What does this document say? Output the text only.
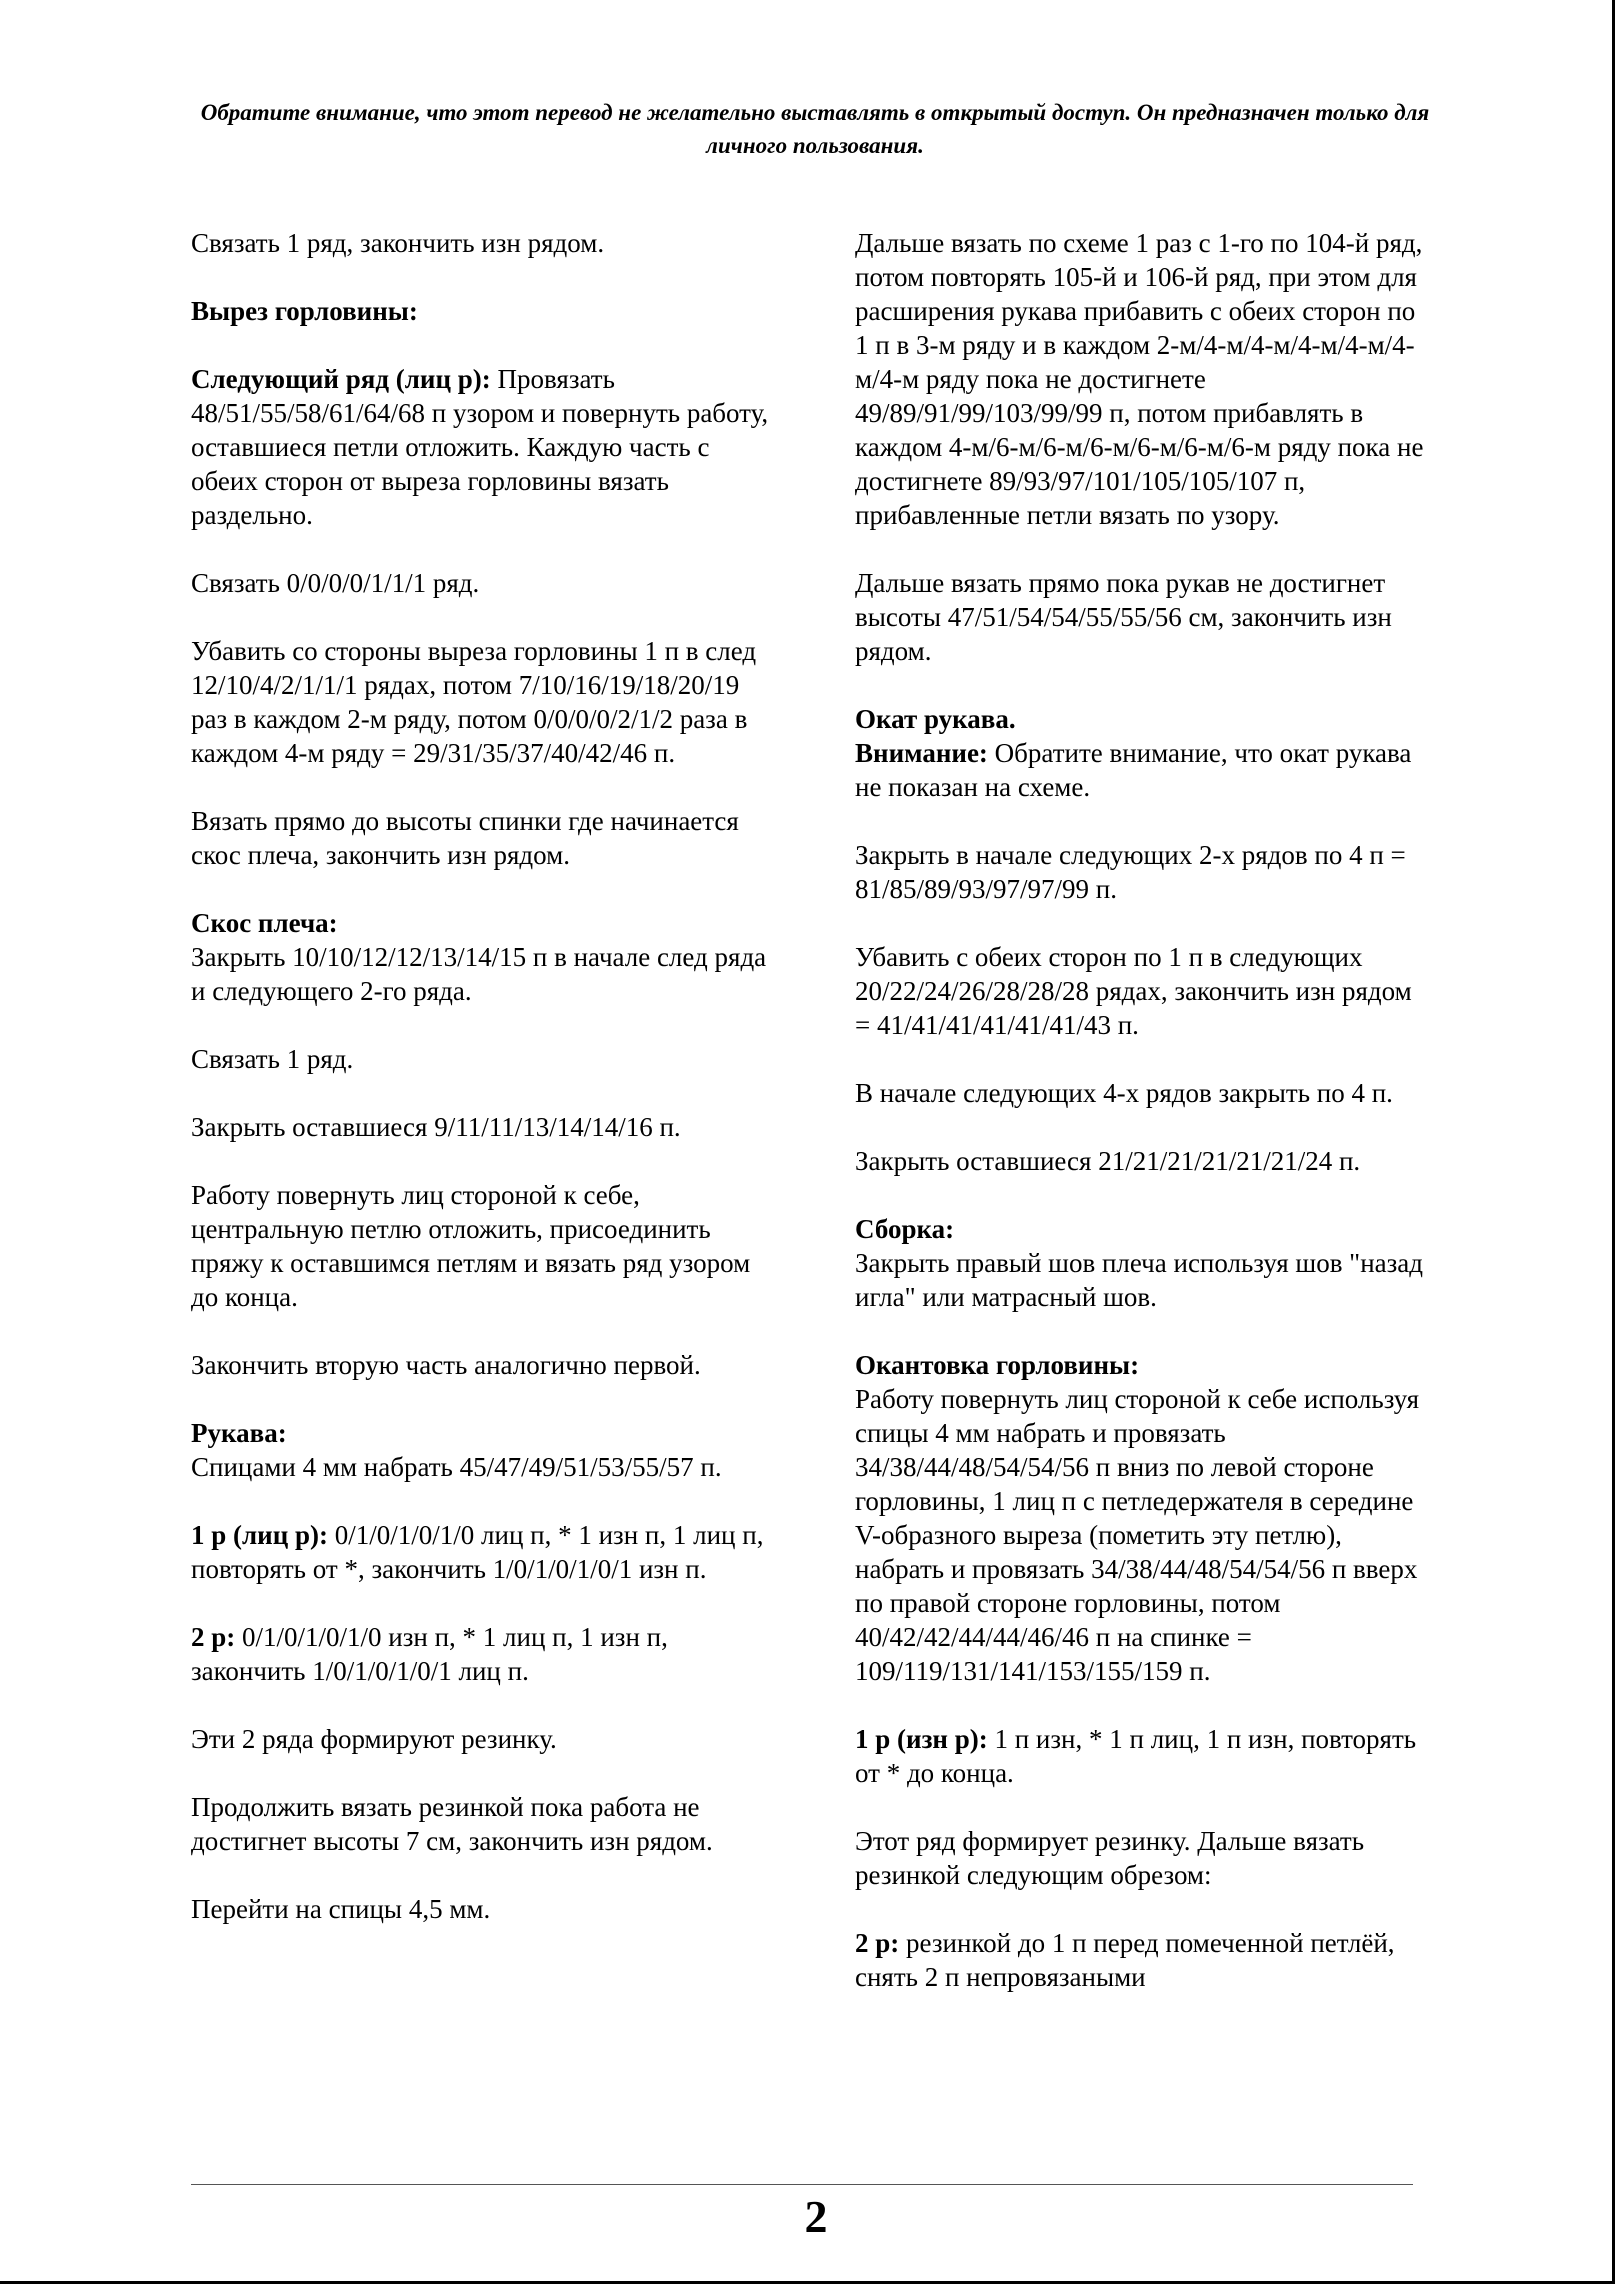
Обратите внимание, что этот перевод не желательно выставлять в открытый доступ. Он предназначен только для личного пользования.

Связать 1 ряд, закончить изн рядом.

Вырез горловины:

Следующий ряд (лиц р): Провязать 48/51/55/58/61/64/68 п узором и повернуть работу, оставшиеся петли отложить. Каждую часть с обеих сторон от выреза горловины вязать раздельно.

Связать 0/0/0/0/1/1/1 ряд.

Убавить со стороны выреза горловины 1 п в след 12/10/4/2/1/1/1 рядах, потом 7/10/16/19/18/20/19 раз в каждом 2-м ряду, потом 0/0/0/0/2/1/2 раза в каждом 4-м ряду = 29/31/35/37/40/42/46 п.

Вязать прямо до высоты спинки где начинается скос плеча, закончить изн рядом.

Скос плеча:
Закрыть 10/10/12/12/13/14/15 п в начале след ряда и следующего 2-го ряда.

Связать 1 ряд.

Закрыть оставшиеся 9/11/11/13/14/14/16 п.

Работу повернуть лиц стороной к себе, центральную петлю отложить, присоединить пряжу к оставшимся петлям и вязать ряд узором до конца.

Закончить вторую часть аналогично первой.

Рукава:
Спицами 4 мм набрать 45/47/49/51/53/55/57 п.

1 р (лиц р): 0/1/0/1/0/1/0 лиц п, * 1 изн п, 1 лиц п, повторять от *, закончить 1/0/1/0/1/0/1 изн п.

2 р: 0/1/0/1/0/1/0 изн п, * 1 лиц п, 1 изн п, закончить 1/0/1/0/1/0/1 лиц п.

Эти 2 ряда формируют резинку.

Продолжить вязать резинкой пока работа не достигнет высоты 7 см, закончить изн рядом.

Перейти на спицы 4,5 мм.

Дальше вязать по схеме 1 раз с 1-го по 104-й ряд, потом повторять 105-й и 106-й ряд, при этом для расширения рукава прибавить с обеих сторон по 1 п в 3-м ряду и в каждом 2-м/4-м/4-м/4-м/4-м/4-м/4-м ряду пока не достигнете 49/89/91/99/103/99/99 п, потом прибавлять в каждом 4-м/6-м/6-м/6-м/6-м/6-м/6-м ряду пока не достигнете 89/93/97/101/105/105/107 п, прибавленные петли вязать по узору.

Дальше вязать прямо пока рукав не достигнет высоты 47/51/54/54/55/55/56 см, закончить изн рядом.

Окат рукава.
Внимание: Обратите внимание, что окат рукава не показан на схеме.

Закрыть в начале следующих 2-х рядов по 4 п = 81/85/89/93/97/97/99 п.

Убавить с обеих сторон по 1 п в следующих 20/22/24/26/28/28/28 рядах, закончить изн рядом = 41/41/41/41/41/41/43 п.

В начале следующих 4-х рядов закрыть по 4 п.

Закрыть оставшиеся 21/21/21/21/21/21/24 п.

Сборка:
Закрыть правый шов плеча используя шов "назад игла" или матрасный шов.

Окантовка горловины:
Работу повернуть лиц стороной к себе используя спицы 4 мм набрать и провязать 34/38/44/48/54/54/56 п вниз по левой стороне горловины, 1 лиц п с петледержателя в середине V-образного выреза (пометить эту петлю), набрать и провязать 34/38/44/48/54/54/56 п вверх по правой стороне горловины, потом 40/42/42/44/44/46/46 п на спинке = 109/119/131/141/153/155/159 п.

1 р (изн р): 1 п изн, * 1 п лиц, 1 п изн, повторять от * до конца.

Этот ряд формирует резинку. Дальше вязать резинкой следующим обрезом:

2 р: резинкой до 1 п перед помеченной петлёй, снять 2 п непровязаными

2
